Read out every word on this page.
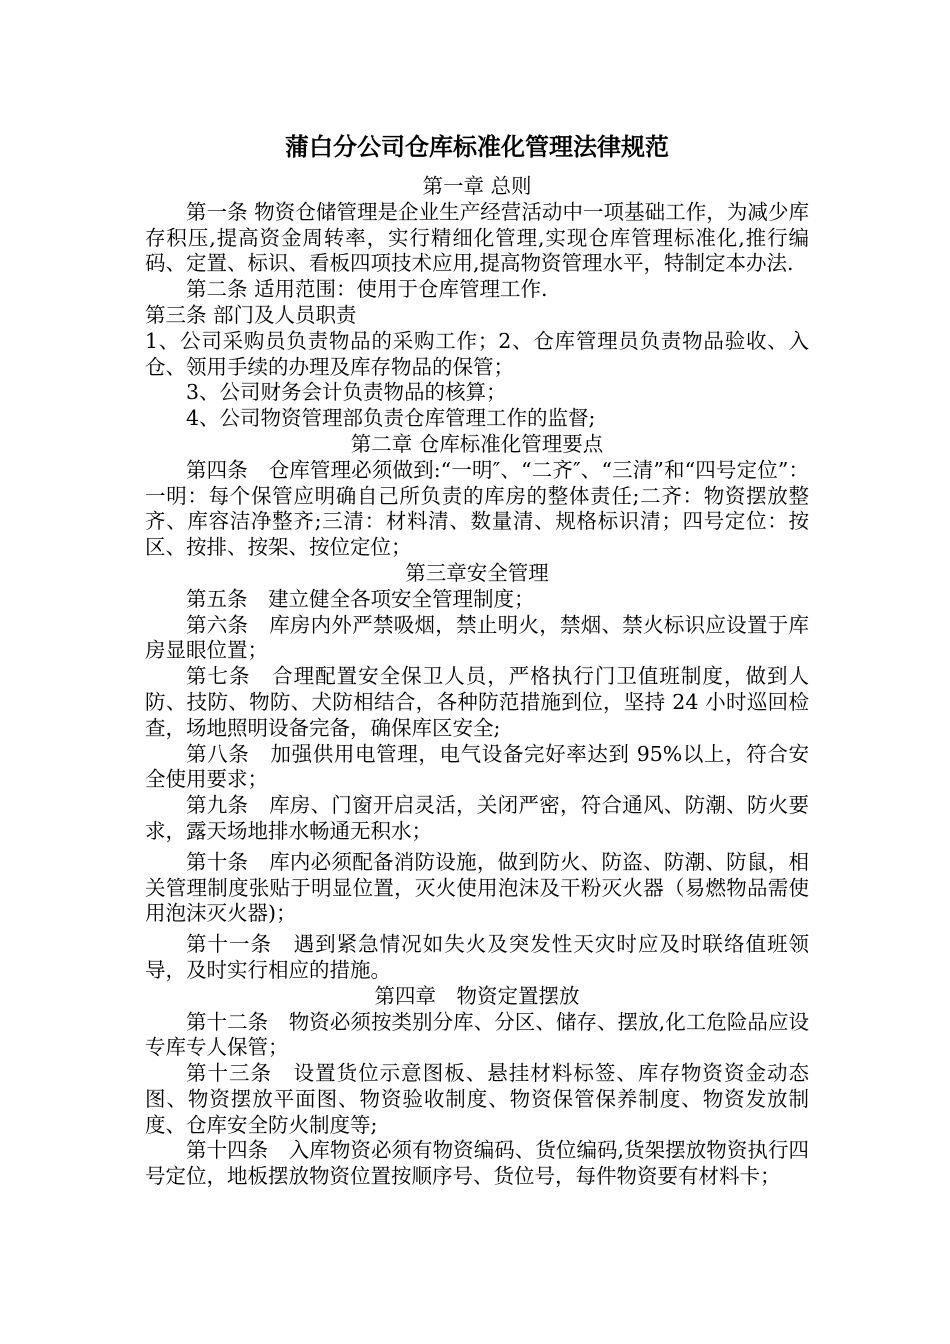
蒲白分公司仓库标准化管理法律规范

第一章 总则

第一条 物资仓储管理是企业生产经营活动中一项基础工作，为减少库存积压,提高资金周转率，实行精细化管理,实现仓库管理标准化,推行编码、定置、标识、看板四项技术应用,提高物资管理水平，特制定本办法.

第二条 适用范围：使用于仓库管理工作.

第三条 部门及人员职责

1、公司采购员负责物品的采购工作；2、仓库管理员负责物品验收、入仓、领用手续的办理及库存物品的保管；

3、公司财务会计负责物品的核算；

4、公司物资管理部负责仓库管理工作的监督;

第二章 仓库标准化管理要点

第四条　仓库管理必须做到:“一明″、“二齐″、“三清”和“四号定位”：一明：每个保管应明确自己所负责的库房的整体责任;二齐：物资摆放整齐、库容洁净整齐;三清：材料清、数量清、规格标识清；四号定位：按区、按排、按架、按位定位；

第三章安全管理

第五条　建立健全各项安全管理制度；

第六条　库房内外严禁吸烟，禁止明火，禁烟、禁火标识应设置于库房显眼位置；

第七条　合理配置安全保卫人员，严格执行门卫值班制度，做到人防、技防、物防、犬防相结合，各种防范措施到位，坚持 24 小时巡回检查，场地照明设备完备，确保库区安全;

第八条　加强供用电管理，电气设备完好率达到 95%以上，符合安全使用要求；

第九条　库房、门窗开启灵活，关闭严密，符合通风、防潮、防火要求，露天场地排水畅通无积水；

第十条　库内必须配备消防设施，做到防火、防盗、防潮、防鼠，相关管理制度张贴于明显位置，灭火使用泡沫及干粉灭火器（易燃物品需使用泡沫灭火器)；

第十一条　遇到紧急情况如失火及突发性天灾时应及时联络值班领导，及时实行相应的措施。

第四章　物资定置摆放

第十二条　物资必须按类别分库、分区、储存、摆放,化工危险品应设专库专人保管；

第十三条　设置货位示意图板、悬挂材料标签、库存物资资金动态图、物资摆放平面图、物资验收制度、物资保管保养制度、物资发放制度、仓库安全防火制度等;

第十四条　入库物资必须有物资编码、货位编码,货架摆放物资执行四号定位，地板摆放物资位置按顺序号、货位号，每件物资要有材料卡；
